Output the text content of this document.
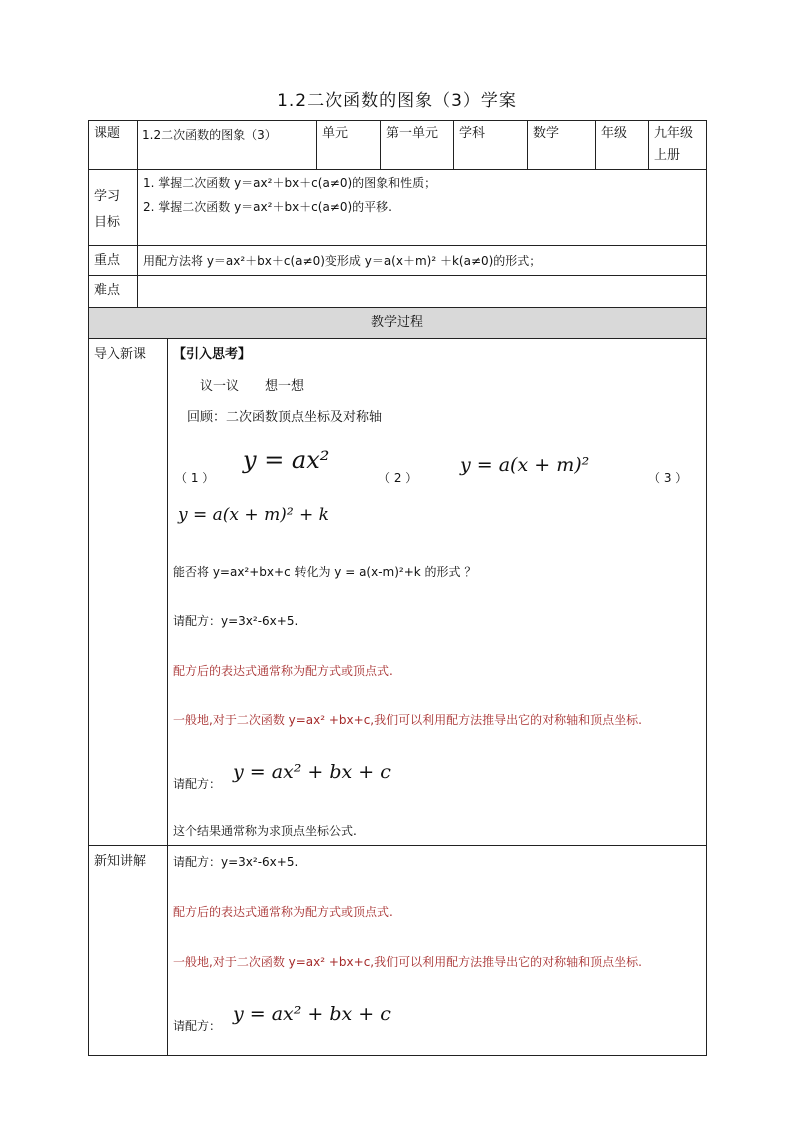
1.2二次函数的图象（3）学案
课题 1.2二次函数的图象（3）	单元	第一单元 学科	数学	年级 九年级
上册
学习
目标
1. 掌握二次函数 y＝ax²＋bx＋c(a≠0)的图象和性质；
2. 掌握二次函数 y＝ax²＋bx＋c(a≠0)的平移.
重点 用配方法将 y＝ax²＋bx＋c(a≠0)变形成 y＝a(x＋m)² ＋k(a≠0)的形式；
难点
教学过程
导入新课 【引入思考】
议一议　　想一想
回顾：二次函数顶点坐标及对称轴
（ 1 ）
y = ax²
（ 2 ）
y = a(x + m)²
（ 3 ）
y = a(x + m)² + k
能否将 y=ax²+bx+c 转化为 y = a(x-m)²+k 的形式 ？
请配方：y=3x²-6x+5.
配方后的表达式通常称为配方式或顶点式.
一般地,对于二次函数 y=ax² +bx+c,我们可以利用配方法推导出它的对称轴和顶点坐标.
请配方：
y = ax² + bx + c
这个结果通常称为求顶点坐标公式.
新知讲解 请配方：y=3x²-6x+5.
配方后的表达式通常称为配方式或顶点式.
一般地,对于二次函数 y=ax² +bx+c,我们可以利用配方法推导出它的对称轴和顶点坐标.
请配方：
y = ax² + bx + c
